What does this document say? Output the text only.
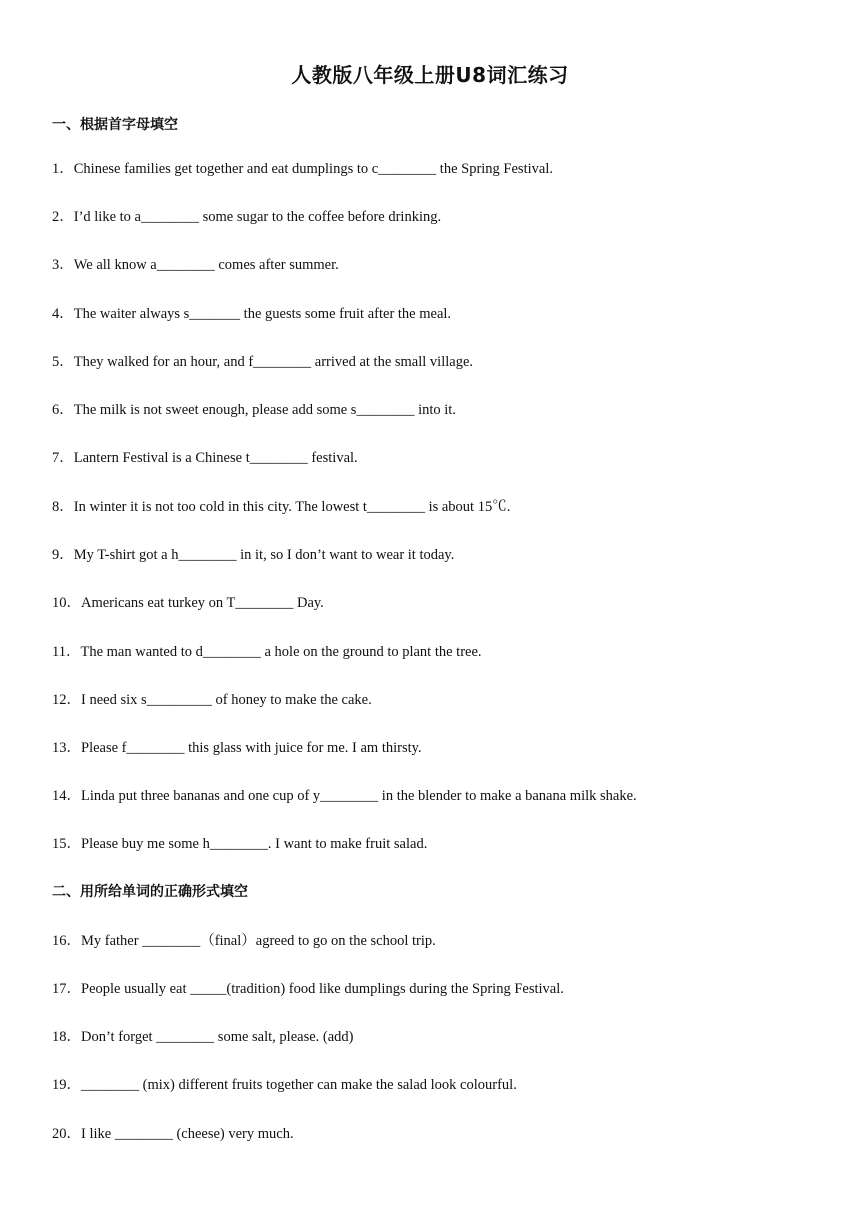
人教版八年级上册U8词汇练习
一、根据首字母填空
1．Chinese families get together and eat dumplings to c________ the Spring Festival.
2．I’d like to a________ some sugar to the coffee before drinking.
3．We all know a________ comes after summer.
4．The waiter always s_______ the guests some fruit after the meal.
5．They walked for an hour, and f________ arrived at the small village.
6．The milk is not sweet enough, please add some s________ into it.
7．Lantern Festival is a Chinese t________ festival.
8．In winter it is not too cold in this city. The lowest t________ is about 15℃.
9．My T-shirt got a h________ in it, so I don’t want to wear it today.
10．Americans eat turkey on T________ Day.
11．The man wanted to d________ a hole on the ground to plant the tree.
12．I need six s_________ of honey to make the cake.
13．Please f________ this glass with juice for me. I am thirsty.
14．Linda put three bananas and one cup of y________ in the blender to make a banana milk shake.
15．Please buy me some h________. I want to make fruit salad.
二、用所给单词的正确形式填空
16．My father ________（final）agreed to go on the school trip.
17．People usually eat _____(tradition) food like dumplings during the Spring Festival.
18．Don’t forget ________ some salt, please. (add)
19．________ (mix) different fruits together can make the salad look colourful.
20．I like ________ (cheese) very much.
